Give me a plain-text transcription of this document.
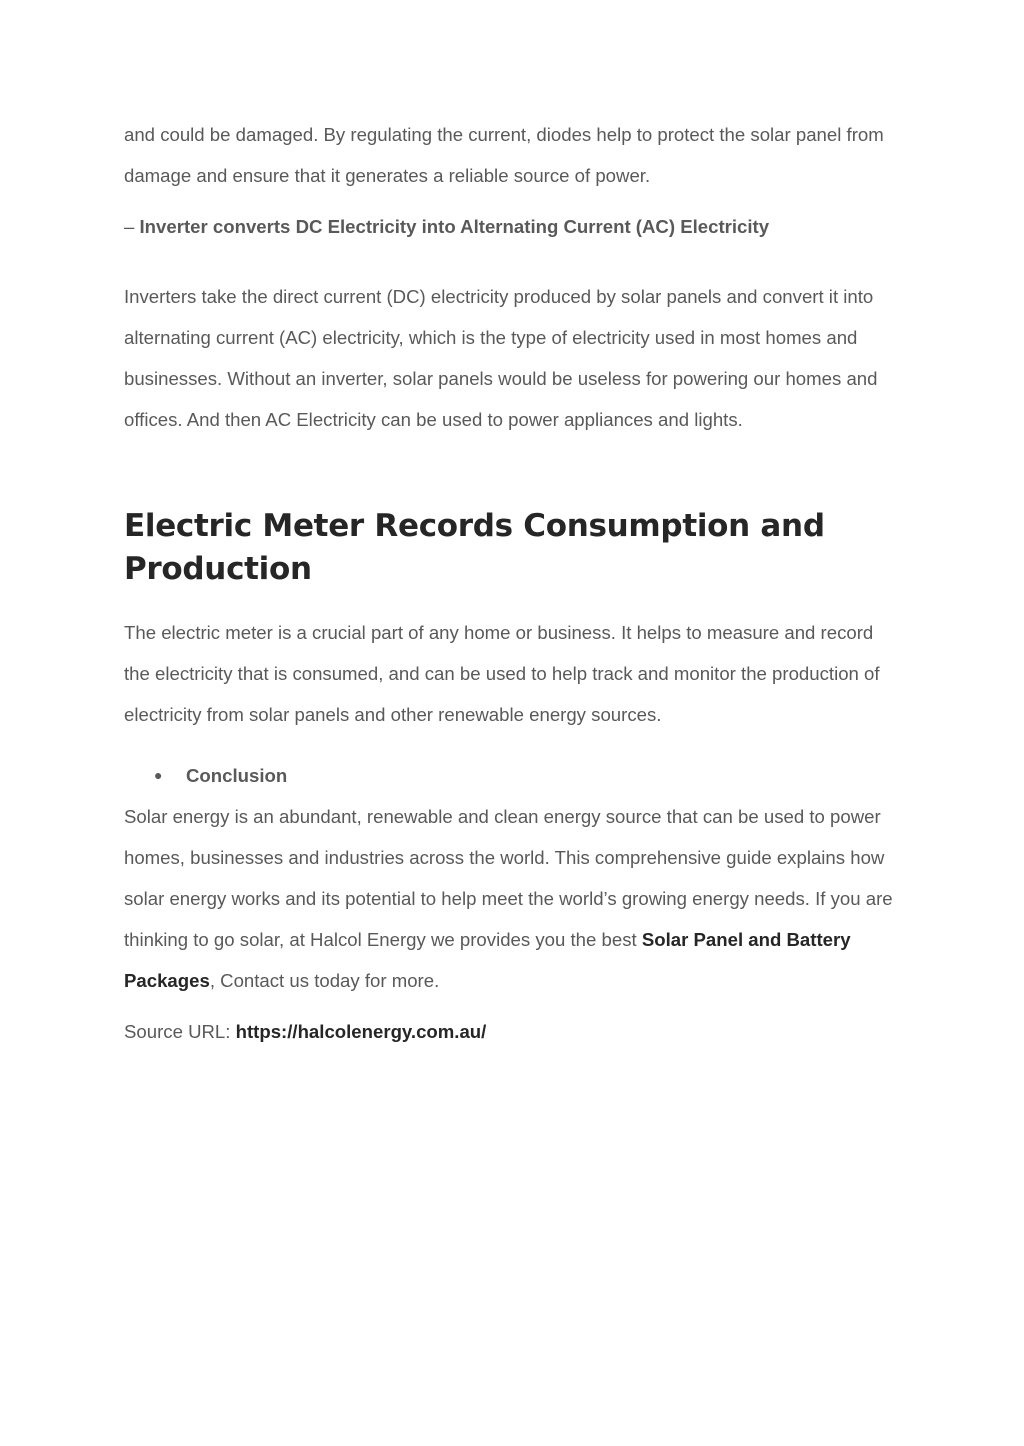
and could be damaged. By regulating the current, diodes help to protect the solar panel from damage and ensure that it generates a reliable source of power.

– Inverter converts DC Electricity into Alternating Current (AC) Electricity

Inverters take the direct current (DC) electricity produced by solar panels and convert it into alternating current (AC) electricity, which is the type of electricity used in most homes and businesses. Without an inverter, solar panels would be useless for powering our homes and offices. And then AC Electricity can be used to power appliances and lights.

Electric Meter Records Consumption and Production

The electric meter is a crucial part of any home or business. It helps to measure and record the electricity that is consumed, and can be used to help track and monitor the production of electricity from solar panels and other renewable energy sources.

●	Conclusion

Solar energy is an abundant, renewable and clean energy source that can be used to power homes, businesses and industries across the world. This comprehensive guide explains how solar energy works and its potential to help meet the world’s growing energy needs. If you are thinking to go solar, at Halcol Energy we provides you the best Solar Panel and Battery Packages, Contact us today for more.

Source URL: https://halcolenergy.com.au/
